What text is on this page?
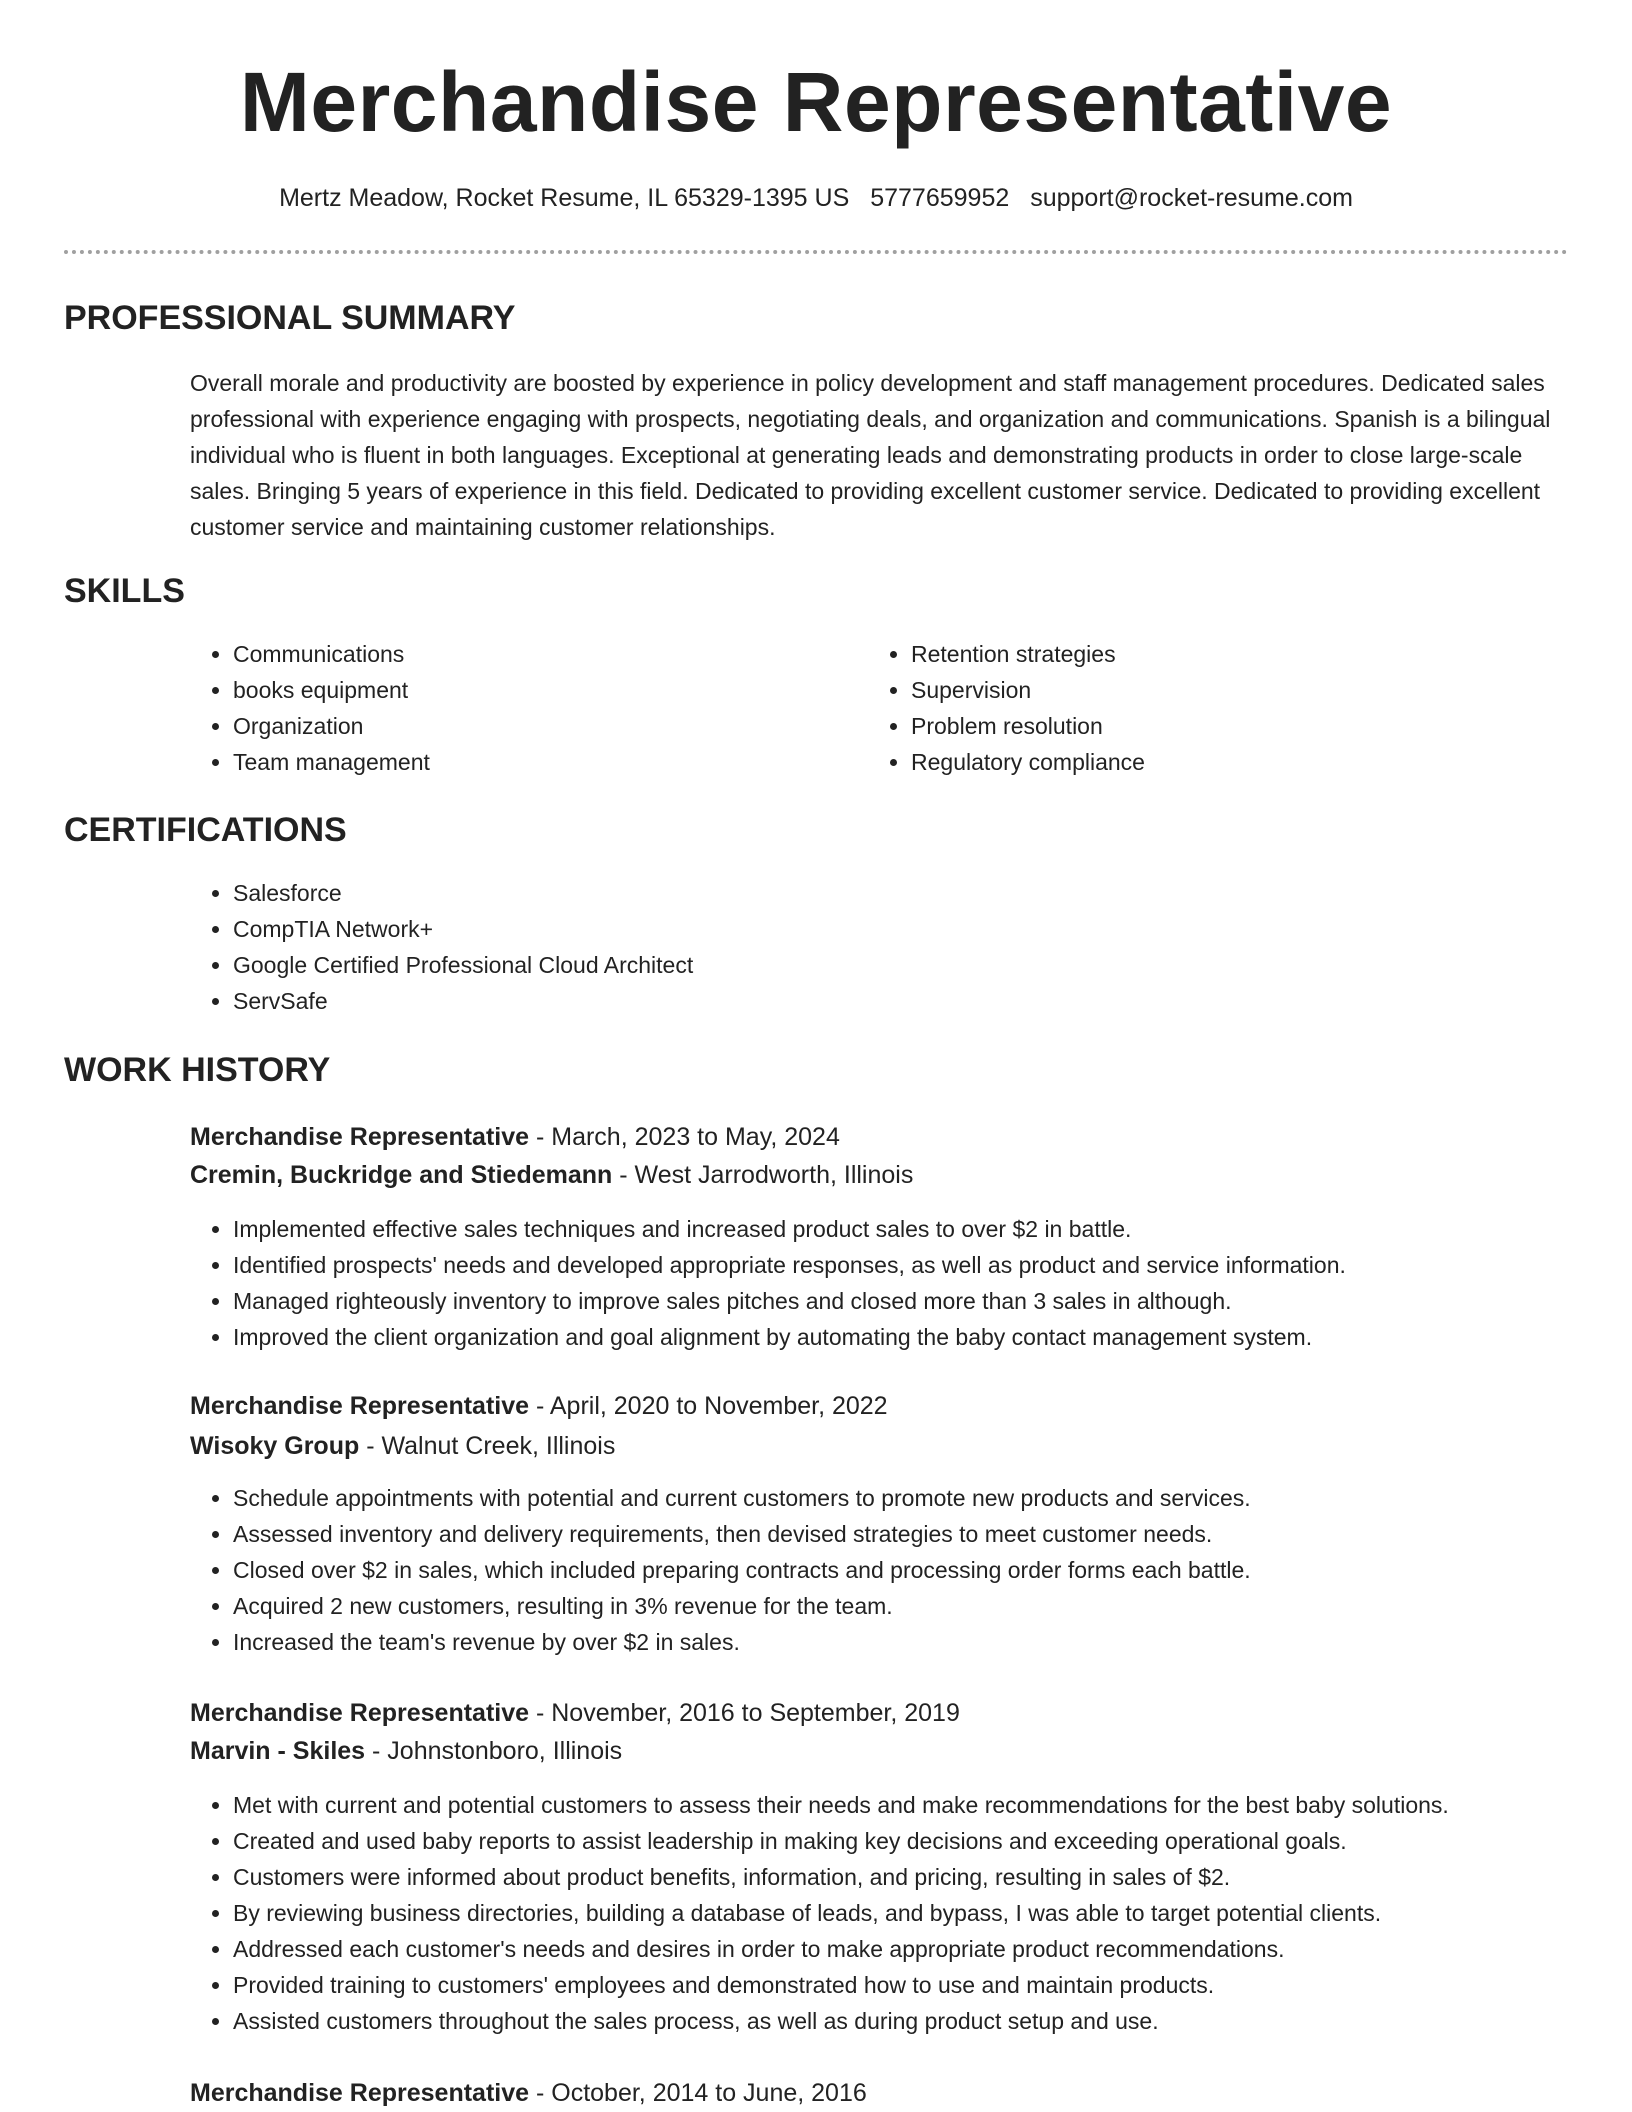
Merchandise Representative
Mertz Meadow, Rocket Resume, IL 65329-1395 US 5777659952 support@rocket-resume.com
PROFESSIONAL SUMMARY

Overall morale and productivity are boosted by experience in policy development and staff management procedures. Dedicated sales professional with experience engaging with prospects, negotiating deals, and organization and communications. Spanish is a bilingual individual who is fluent in both languages. Exceptional at generating leads and demonstrating products in order to close large-scale sales. Bringing 5 years of experience in this field. Dedicated to providing excellent customer service. Dedicated to providing excellent customer service and maintaining customer relationships.

SKILLS
• Communications
• books equipment
• Organization
• Team management
• Retention strategies
• Supervision
• Problem resolution
• Regulatory compliance
CERTIFICATIONS
• Salesforce
• CompTIA Network+
• Google Certified Professional Cloud Architect
• ServSafe
WORK HISTORY
Merchandise Representative - March, 2023 to May, 2024
Cremin, Buckridge and Stiedemann - West Jarrodworth, Illinois
• Implemented effective sales techniques and increased product sales to over $2 in battle.
• Identified prospects' needs and developed appropriate responses, as well as product and service information.
• Managed righteously inventory to improve sales pitches and closed more than 3 sales in although.
• Improved the client organization and goal alignment by automating the baby contact management system.
Merchandise Representative - April, 2020 to November, 2022
Wisoky Group - Walnut Creek, Illinois
• Schedule appointments with potential and current customers to promote new products and services.
• Assessed inventory and delivery requirements, then devised strategies to meet customer needs.
• Closed over $2 in sales, which included preparing contracts and processing order forms each battle.
• Acquired 2 new customers, resulting in 3% revenue for the team.
• Increased the team's revenue by over $2 in sales.
Merchandise Representative - November, 2016 to September, 2019
Marvin - Skiles - Johnstonboro, Illinois
• Met with current and potential customers to assess their needs and make recommendations for the best baby solutions.
• Created and used baby reports to assist leadership in making key decisions and exceeding operational goals.
• Customers were informed about product benefits, information, and pricing, resulting in sales of $2.
• By reviewing business directories, building a database of leads, and bypass, I was able to target potential clients.
• Addressed each customer's needs and desires in order to make appropriate product recommendations.
• Provided training to customers' employees and demonstrated how to use and maintain products.
• Assisted customers throughout the sales process, as well as during product setup and use.
Merchandise Representative - October, 2014 to June, 2016
